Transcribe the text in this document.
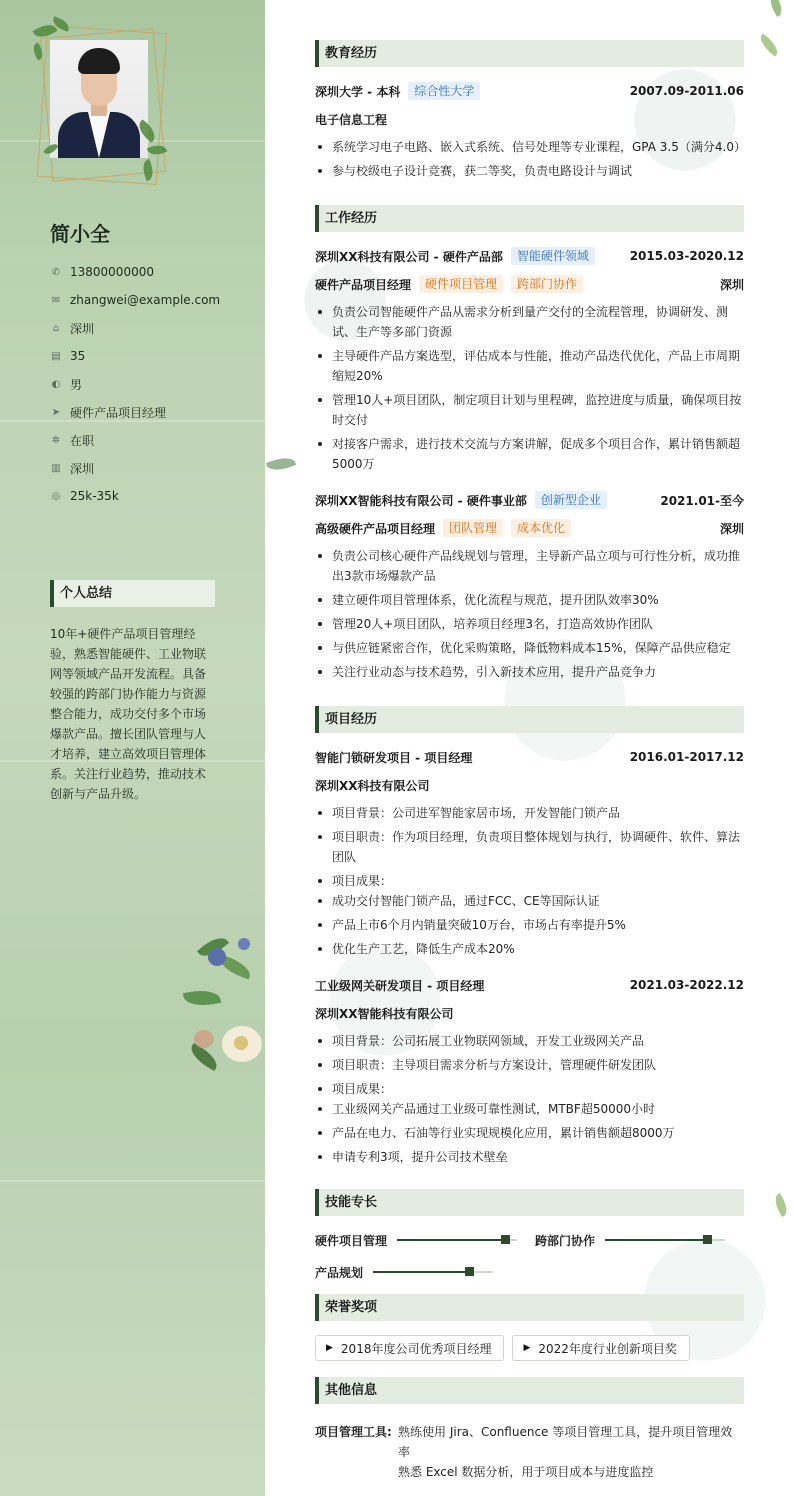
简小全
✆ 13800000000
✉ zhangwei@example.com
⌂ 深圳
▤ 35
◐ 男
➤ 硬件产品项目经理
✲ 在职
▥ 深圳
◎ 25k-35k
个人总结
10年+硬件产品项目管理经验，熟悉智能硬件、工业物联网等领域产品开发流程。具备较强的跨部门协作能力与资源整合能力，成功交付多个市场爆款产品。擅长团队管理与人才培养，建立高效项目管理体系。关注行业趋势，推动技术创新与产品升级。
教育经历
深圳大学 - 本科	综合性大学	2007.09-2011.06
电子信息工程
系统学习电子电路、嵌入式系统、信号处理等专业课程，GPA 3.5（满分4.0）
参与校级电子设计竞赛，获二等奖，负责电路设计与调试
工作经历
深圳XX科技有限公司 - 硬件产品部	智能硬件领域	2015.03-2020.12
硬件产品项目经理	硬件项目管理	跨部门协作	深圳
负责公司智能硬件产品从需求分析到量产交付的全流程管理，协调研发、测试、生产等多部门资源
主导硬件产品方案选型，评估成本与性能，推动产品迭代优化，产品上市周期缩短20%
管理10人+项目团队，制定项目计划与里程碑，监控进度与质量，确保项目按时交付
对接客户需求，进行技术交流与方案讲解，促成多个项目合作，累计销售额超5000万
深圳XX智能科技有限公司 - 硬件事业部	创新型企业	2021.01-至今
高级硬件产品项目经理	团队管理	成本优化	深圳
负责公司核心硬件产品线规划与管理，主导新产品立项与可行性分析，成功推出3款市场爆款产品
建立硬件项目管理体系，优化流程与规范，提升团队效率30%
管理20人+项目团队，培养项目经理3名，打造高效协作团队
与供应链紧密合作，优化采购策略，降低物料成本15%，保障产品供应稳定
关注行业动态与技术趋势，引入新技术应用，提升产品竞争力
项目经历
智能门锁研发项目 - 项目经理	2016.01-2017.12
深圳XX科技有限公司
项目背景：公司进军智能家居市场，开发智能门锁产品
项目职责：作为项目经理，负责项目整体规划与执行，协调硬件、软件、算法团队
项目成果：
成功交付智能门锁产品，通过FCC、CE等国际认证
产品上市6个月内销量突破10万台，市场占有率提升5%
优化生产工艺，降低生产成本20%
工业级网关研发项目 - 项目经理	2021.03-2022.12
深圳XX智能科技有限公司
项目背景：公司拓展工业物联网领域，开发工业级网关产品
项目职责：主导项目需求分析与方案设计，管理硬件研发团队
项目成果：
工业级网关产品通过工业级可靠性测试，MTBF超50000小时
产品在电力、石油等行业实现规模化应用，累计销售额超8000万
申请专利3项，提升公司技术壁垒
技能专长
硬件项目管理	跨部门协作
产品规划
荣誉奖项
▶ 2018年度公司优秀项目经理	▶ 2022年度行业创新项目奖
其他信息
项目管理工具: 熟练使用 Jira、Confluence 等项目管理工具，提升项目管理效率
熟悉 Excel 数据分析，用于项目成本与进度监控
